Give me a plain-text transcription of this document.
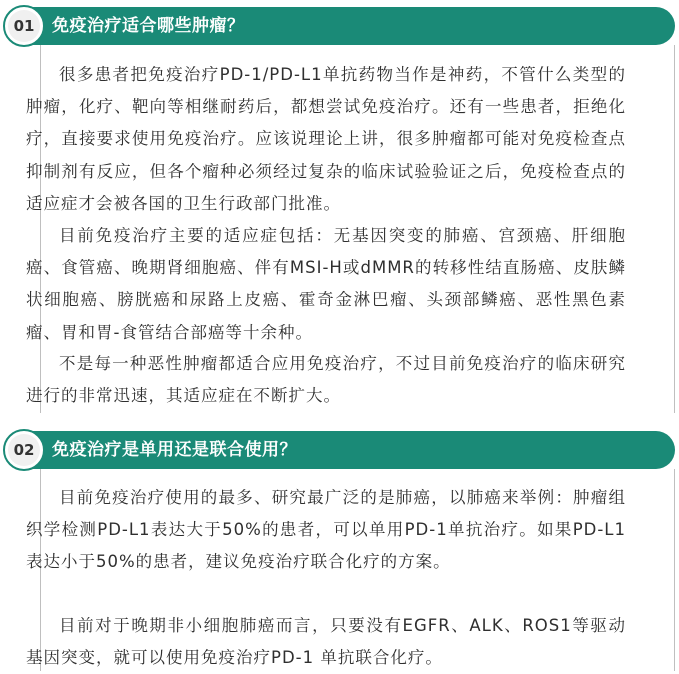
01	免疫治疗适合哪些肿瘤？

很多患者把免疫治疗PD-1/PD-L1单抗药物当作是神药，不管什么类型的肿瘤，化疗、靶向等相继耐药后，都想尝试免疫治疗。还有一些患者，拒绝化疗，直接要求使用免疫治疗。应该说理论上讲，很多肿瘤都可能对免疫检查点抑制剂有反应，但各个瘤种必须经过复杂的临床试验验证之后，免疫检查点的适应症才会被各国的卫生行政部门批准。

目前免疫治疗主要的适应症包括：无基因突变的肺癌、宫颈癌、肝细胞癌、食管癌、晚期肾细胞癌、伴有MSI-H或dMMR的转移性结直肠癌、皮肤鳞状细胞癌、膀胱癌和尿路上皮癌、霍奇金淋巴瘤、头颈部鳞癌、恶性黑色素瘤、胃和胃-食管结合部癌等十余种。

不是每一种恶性肿瘤都适合应用免疫治疗，不过目前免疫治疗的临床研究进行的非常迅速，其适应症在不断扩大。

02	免疫治疗是单用还是联合使用？

目前免疫治疗使用的最多、研究最广泛的是肺癌，以肺癌来举例：肿瘤组织学检测PD-L1表达大于50%的患者，可以单用PD-1单抗治疗。如果PD-L1表达小于50%的患者，建议免疫治疗联合化疗的方案。

目前对于晚期非小细胞肺癌而言，只要没有EGFR、ALK、ROS1等驱动基因突变，就可以使用免疫治疗PD-1 单抗联合化疗。
